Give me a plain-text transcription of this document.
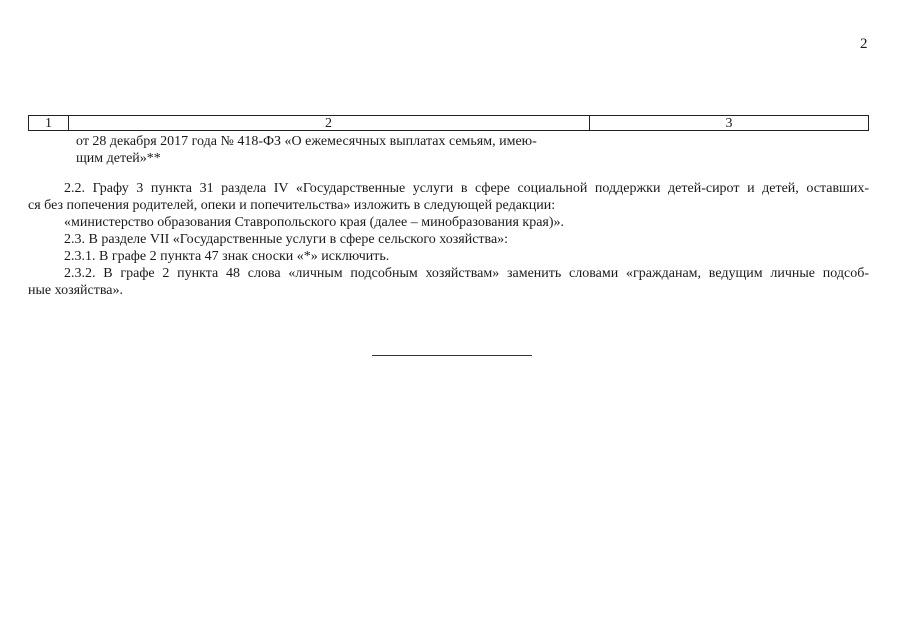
2
1	2	3
от 28 декабря 2017 года № 418-ФЗ «О ежемесячных выплатах семьям, имею-
щим детей»**
2.2. Графу 3 пункта 31 раздела IV «Государственные услуги в сфере социальной поддержки детей-сирот и детей, оставших-
ся без попечения родителей, опеки и попечительства» изложить в следующей редакции:
«министерство образования Ставропольского края (далее – минобразования края)».
2.3. В разделе VII «Государственные услуги в сфере сельского хозяйства»:
2.3.1. В графе 2 пункта 47 знак сноски «*» исключить.
2.3.2. В графе 2 пункта 48 слова «личным подсобным хозяйствам» заменить словами «гражданам, ведущим личные подсоб-
ные хозяйства».
